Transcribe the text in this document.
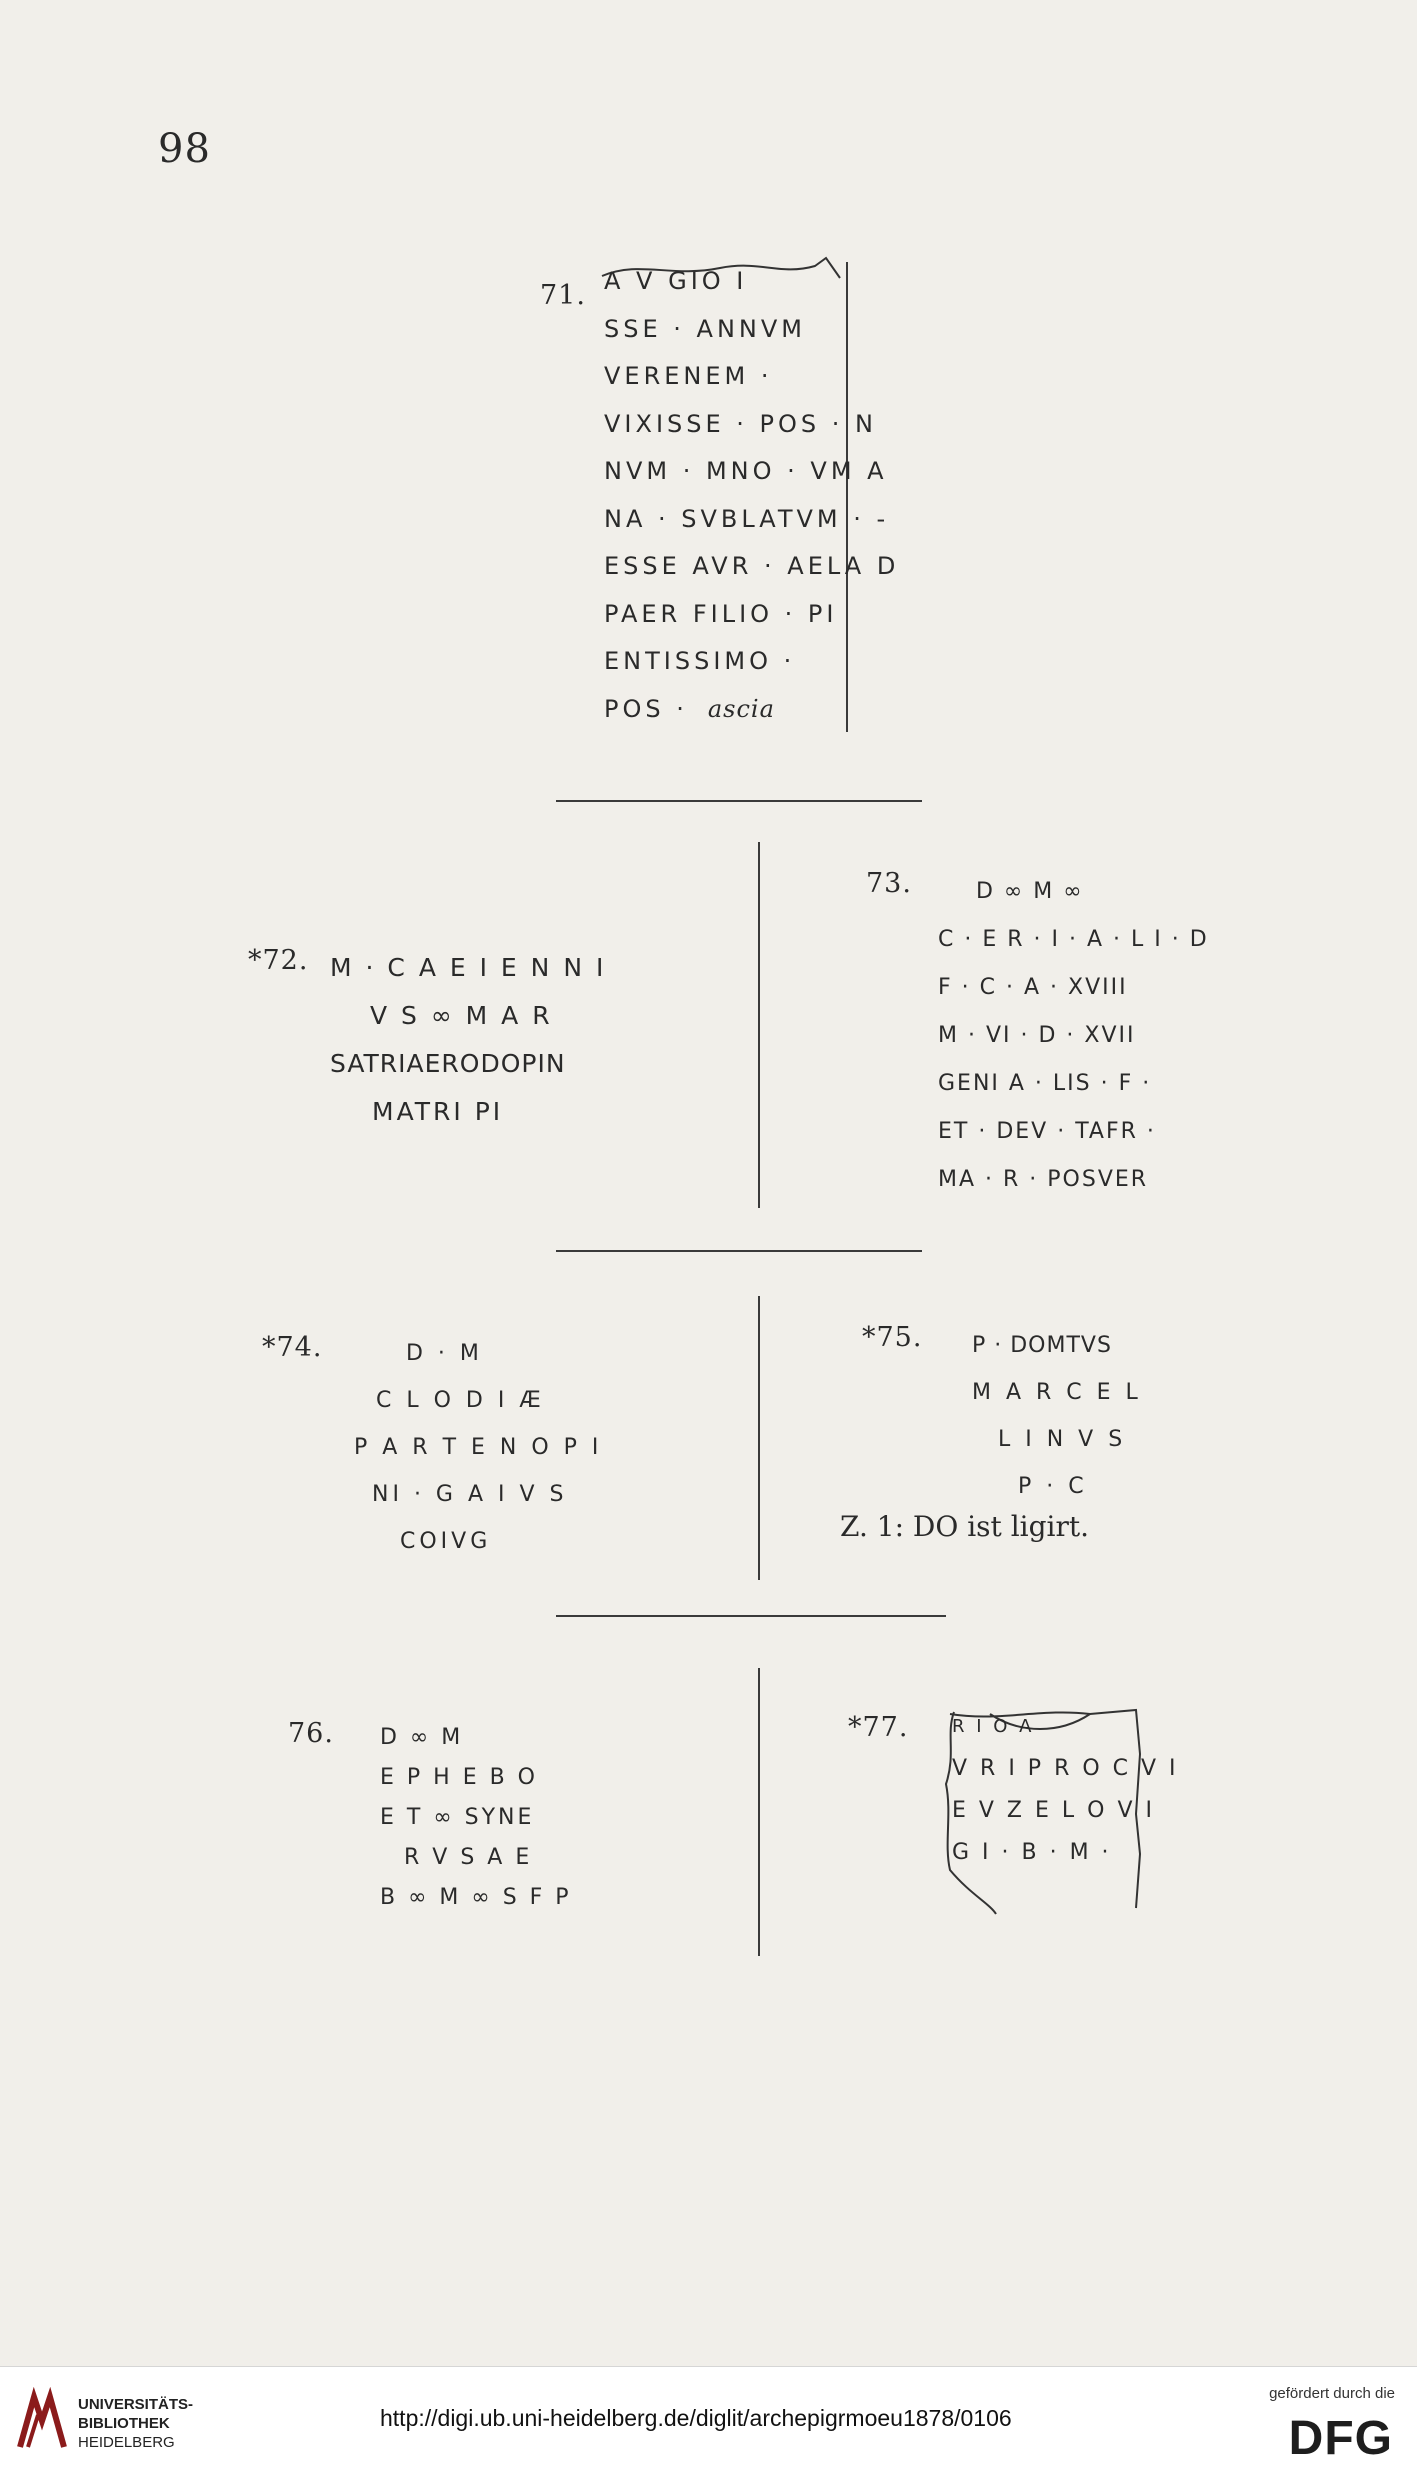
98
71. A V GIO I
SSE · ANNVM
VERENEM ·
VIXISSE · POS · N
NVM · MNO · VM A
NA · SVBLATVM · -
ESSE AVR · AELA D
PAER FILIO · PI
ENTISSIMO ·
POS · ascia
*72. M · C A E I E N N I
V S ∞ M A R
SATRIAERODOPIN
MATRI PI
73.	D ∞ M ∞
C · E R · I · A · L I · D
F · C · A · XVIII
M · VI · D · XVII
GENI A · LIS · F ·
ET · DEV · TAFR ·
MA · R · POSVER
*74.	D · M
C L O D I Æ
P A R T E N O P I
NI · G A I V S
COIVG
*75. P · DOMTVS
M A R C E L
L I N V S
P · C
Z. 1: DO ist ligirt.
76. D ∞ M
E P H E B O
E T ∞ SYNE
R V S A E
B ∞ M ∞ S F P
*77. R I O A
V R I P R O C V I
E V Z E L O V I
G I · B · M ·
UNIVERSITÄTS-
BIBLIOTHEK
HEIDELBERG
http://digi.ub.uni-heidelberg.de/diglit/archepigrmoeu1878/0106
gefördert durch die
DFG
